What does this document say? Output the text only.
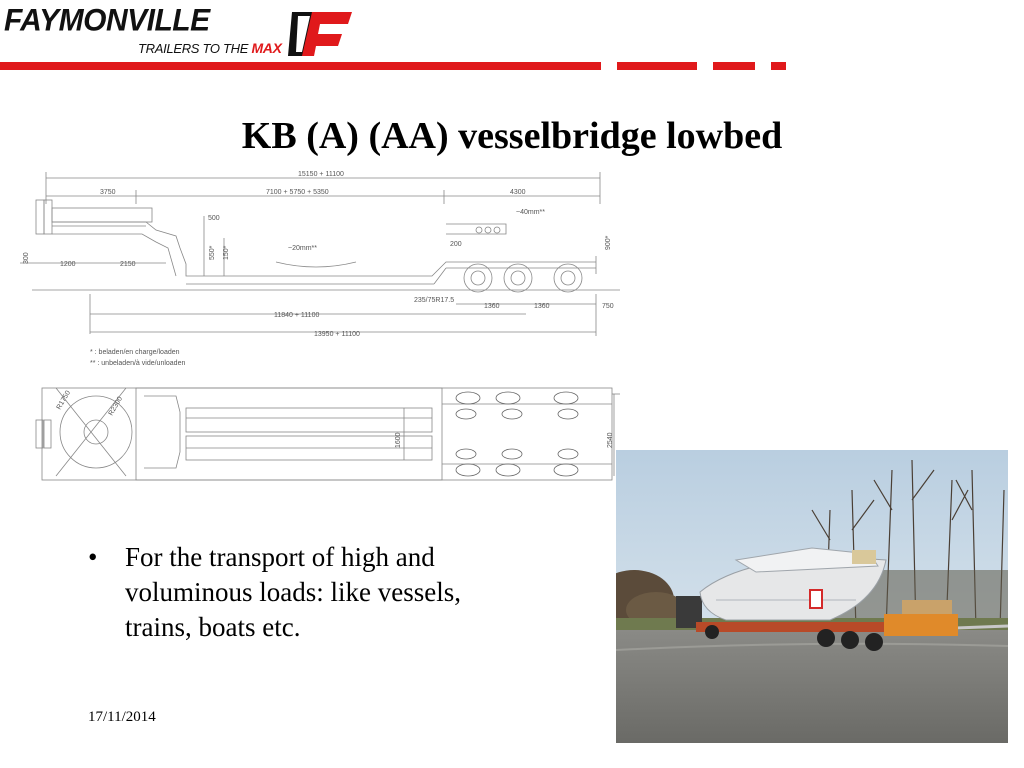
FAYMONVILLE
TRAILERS TO THE MAX
KB (A) (AA) vesselbridge lowbed
15150 + 11100
3750	7100 + 5750 + 5350	4300
500
~40mm**
200
~20mm**
1200	2150
235/75R17.5
1360	1360	750
11840 + 11100
13950 + 11100
550* 150*
900*
300
1600	2540
R1750	R2300
* : beladen/en charge/loaden
** : unbeladen/à vide/unloaden
• For the transport of high and voluminous loads: like vessels, trains, boats etc.
17/11/2014
